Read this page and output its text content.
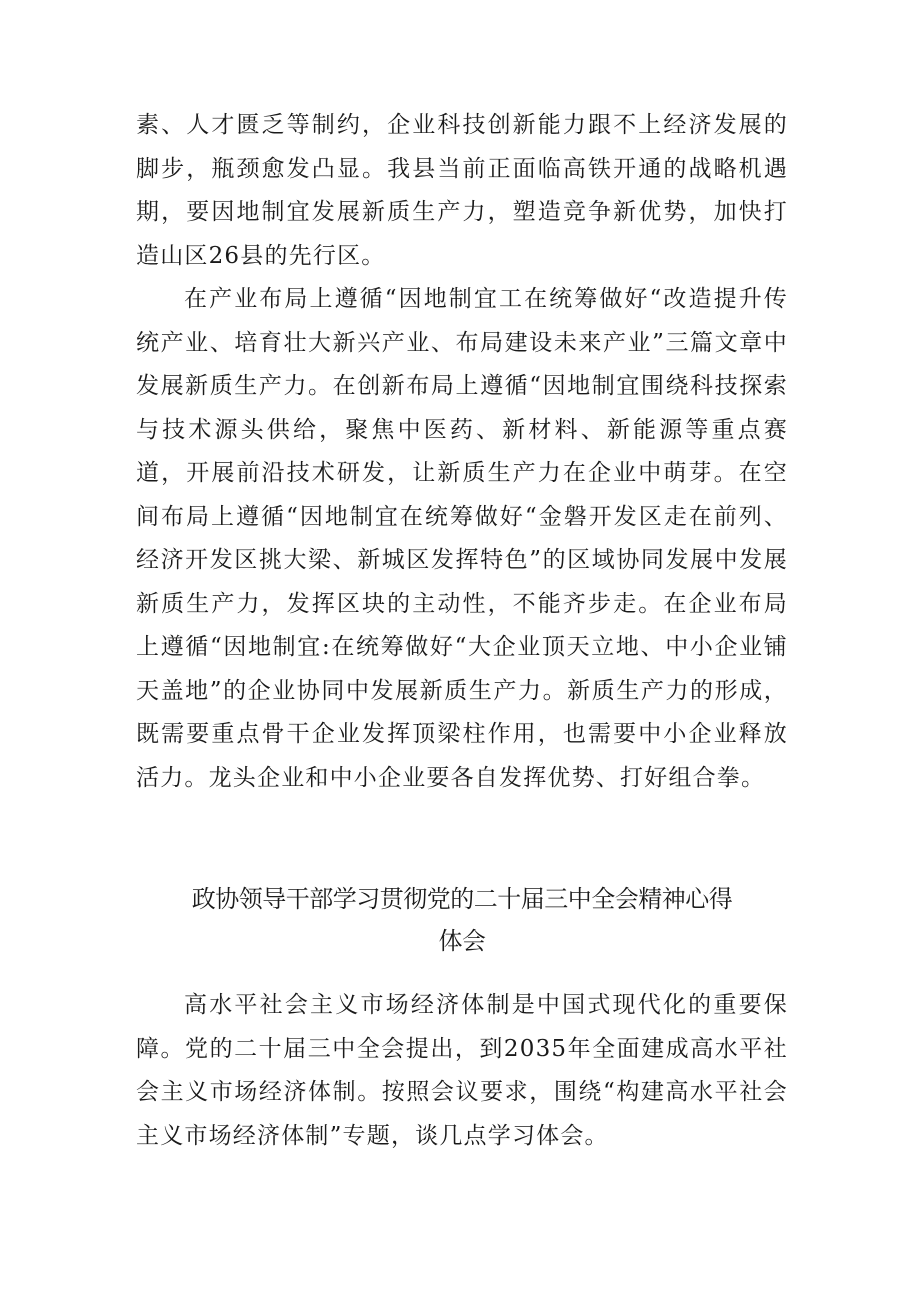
素、人才匮乏等制约，企业科技创新能力跟不上经济发展的脚步，瓶颈愈发凸显。我县当前正面临高铁开通的战略机遇期，要因地制宜发展新质生产力，塑造竞争新优势，加快打造山区26县的先行区。

在产业布局上遵循“因地制宜工在统筹做好“改造提升传统产业、培育壮大新兴产业、布局建设未来产业”三篇文章中发展新质生产力。在创新布局上遵循“因地制宜围绕科技探索与技术源头供给，聚焦中医药、新材料、新能源等重点赛道，开展前沿技术研发，让新质生产力在企业中萌芽。在空间布局上遵循“因地制宜在统筹做好“金磐开发区走在前列、经济开发区挑大梁、新城区发挥特色”的区域协同发展中发展新质生产力，发挥区块的主动性，不能齐步走。在企业布局上遵循“因地制宜:在统筹做好“大企业顶天立地、中小企业铺天盖地”的企业协同中发展新质生产力。新质生产力的形成，既需要重点骨干企业发挥顶梁柱作用，也需要中小企业释放活力。龙头企业和中小企业要各自发挥优势、打好组合拳。

政协领导干部学习贯彻党的二十届三中全会精神心得
体会

高水平社会主义市场经济体制是中国式现代化的重要保障。党的二十届三中全会提出，到2035年全面建成高水平社会主义市场经济体制。按照会议要求，围绕“构建高水平社会主义市场经济体制”专题，谈几点学习体会。
